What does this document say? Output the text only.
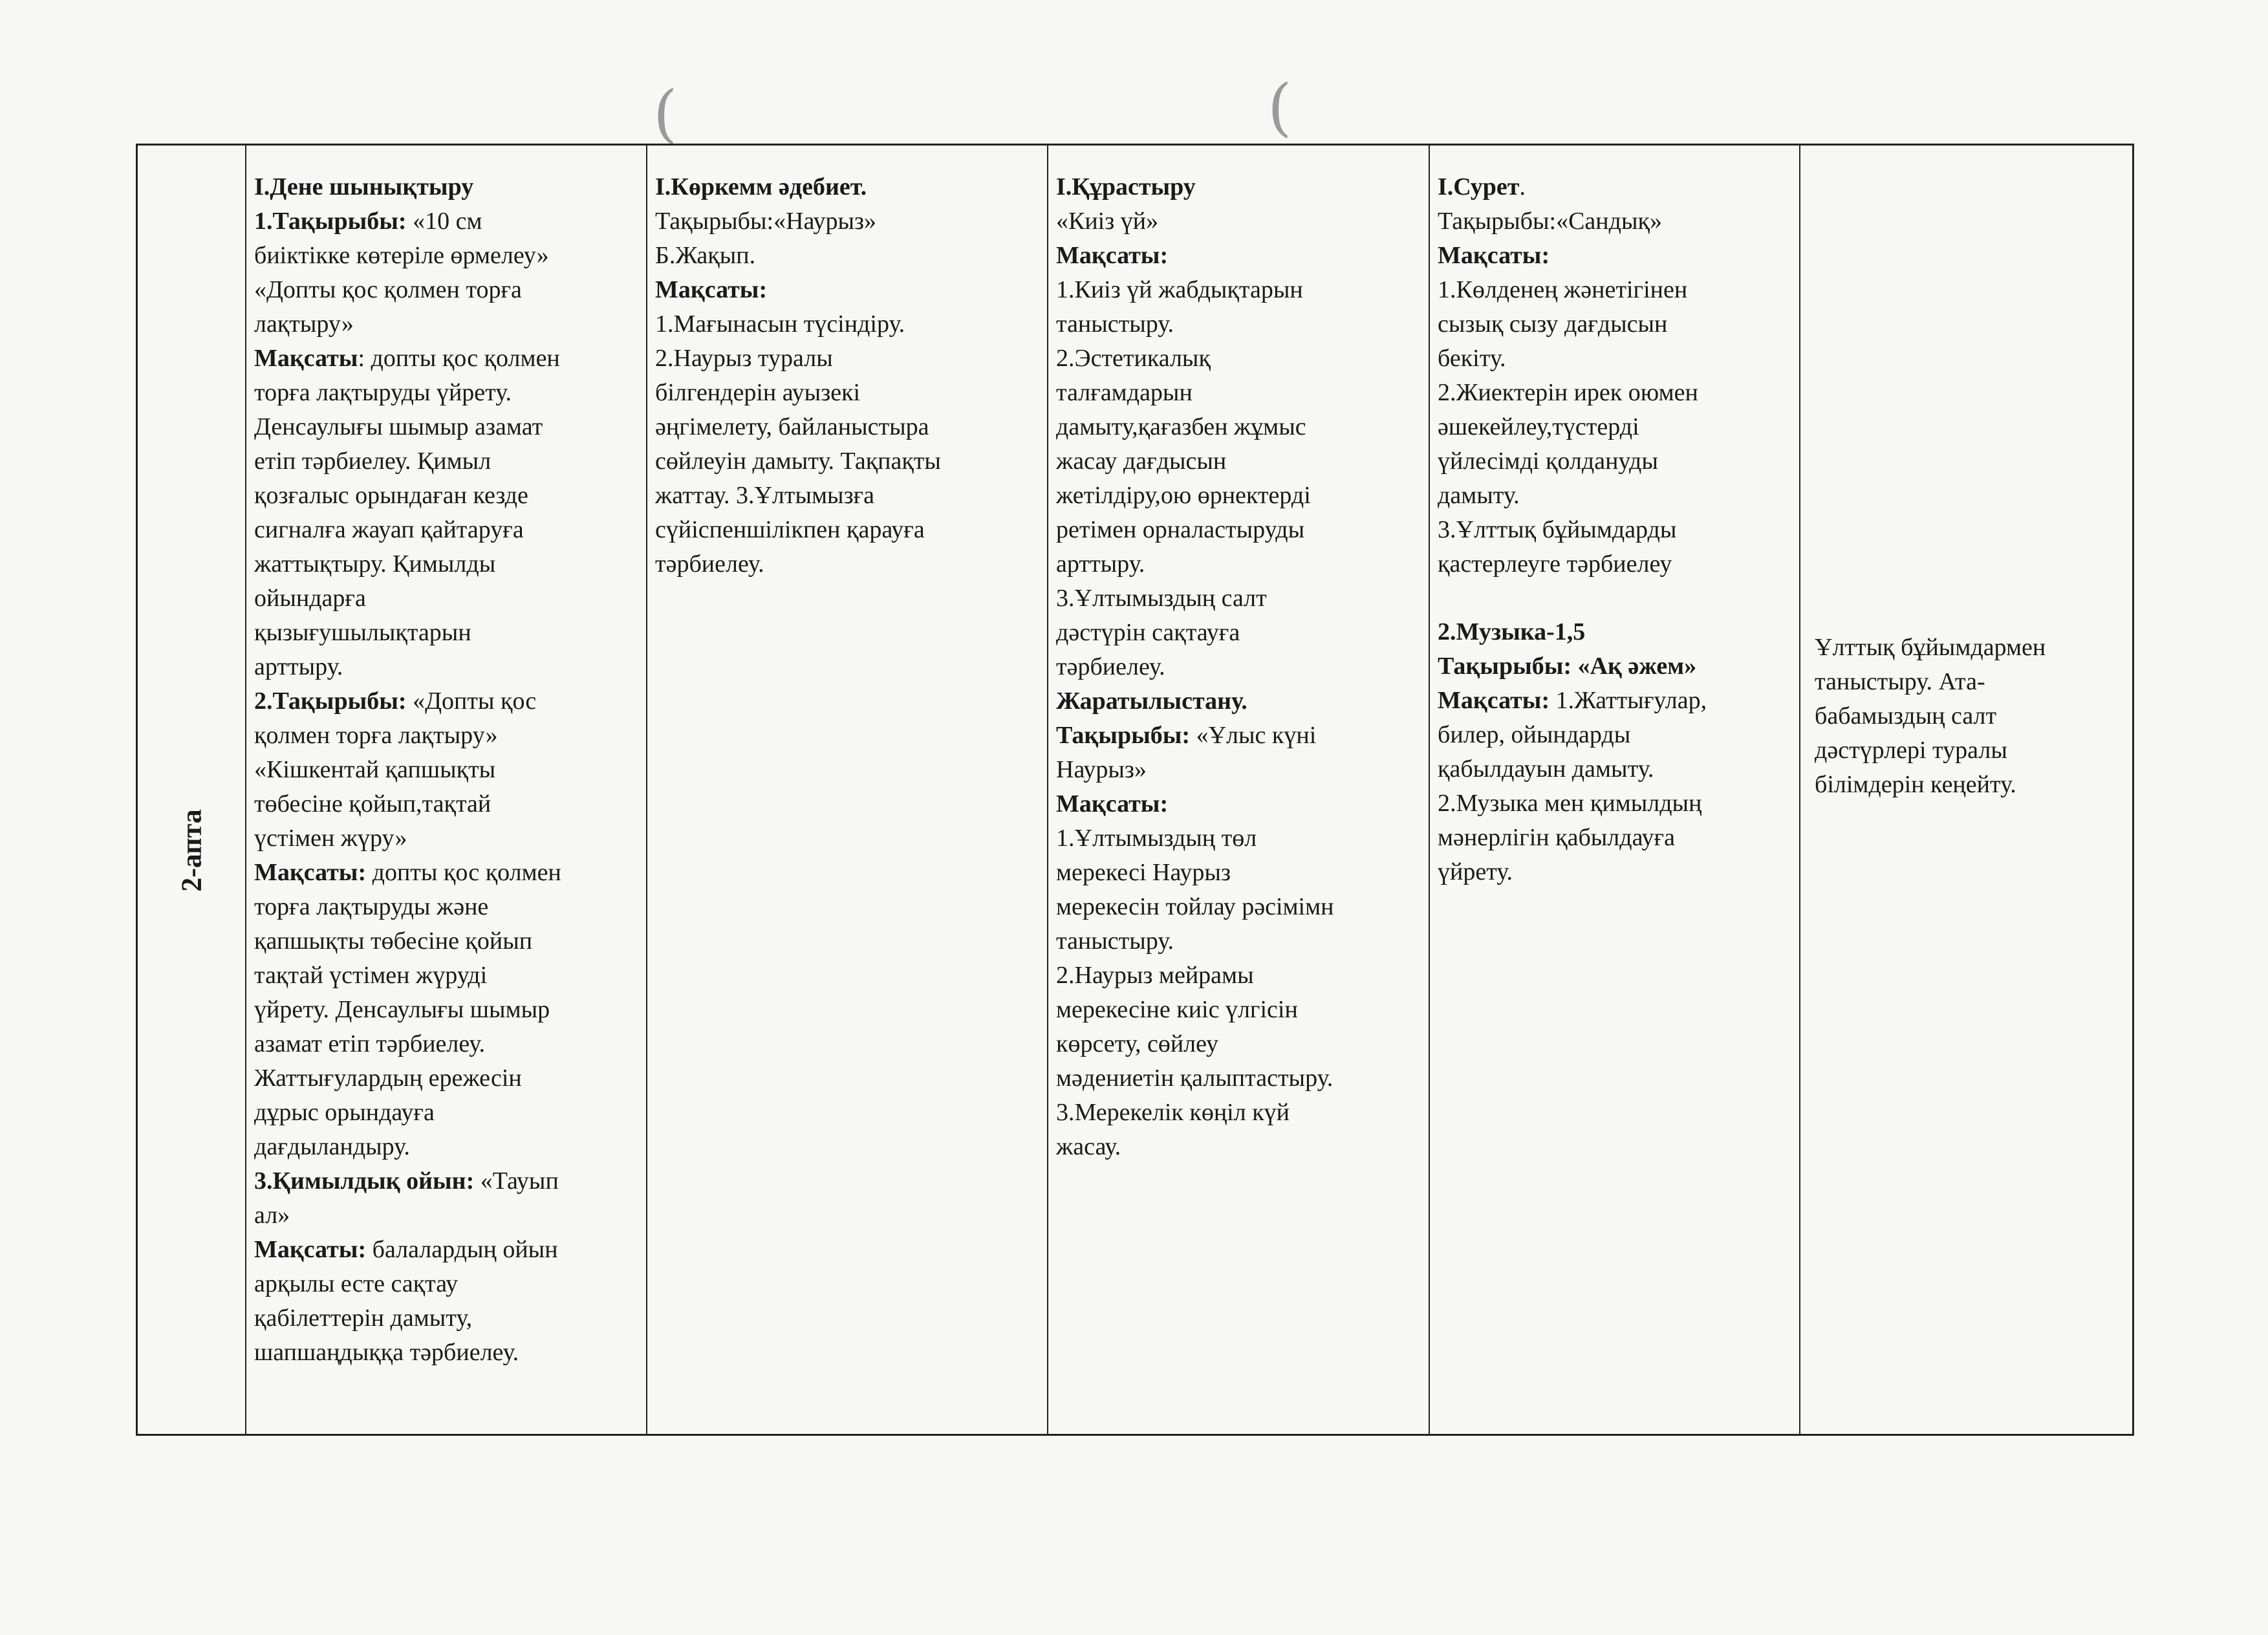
(	(
2-апта
І.Дене шынықтыру
1.Тақырыбы: «10 см
биіктікке көтеріле өрмелеу»
«Допты қос қолмен торға
лақтыру»
Мақсаты: допты қос қолмен
торға лақтыруды үйрету.
Денсаулығы шымыр азамат
етіп тәрбиелеу. Қимыл
қозғалыс орындаған кезде
сигналға жауап қайтаруға
жаттықтыру. Қимылды
ойындарға
қызығушылықтарын
арттыру.
2.Тақырыбы: «Допты қос
қолмен торға лақтыру»
«Кішкентай қапшықты
төбесіне қойып,тақтай
үстімен жүру»
Мақсаты: допты қос қолмен
торға лақтыруды және
қапшықты төбесіне қойып
тақтай үстімен жүруді
үйрету. Денсаулығы шымыр
азамат етіп тәрбиелеу.
Жаттығулардың ережесін
дұрыс орындауға
дағдыландыру.
3.Қимылдық ойын: «Тауып
ал»
Мақсаты: балалардың ойын
арқылы есте сақтау
қабілеттерін дамыту,
шапшаңдыққа тәрбиелеу.
І.Көркемм әдебиет.
Тақырыбы:«Наурыз»
Б.Жақып.
Мақсаты:
1.Мағынасын түсіндіру.
2.Наурыз туралы
білгендерін ауызекі
әңгімелету, байланыстыра
сөйлеуін дамыту. Тақпақты
жаттау. 3.Ұлтымызға
сүйіспеншілікпен қарауға
тәрбиелеу.
І.Құрастыру
«Киіз үй»
Мақсаты:
1.Киіз үй жабдықтарын
таныстыру.
2.Эстетикалық
талғамдарын
дамыту,қағазбен жұмыс
жасау дағдысын
жетілдіру,ою өрнектерді
ретімен орналастыруды
арттыру.
3.Ұлтымыздың салт
дәстүрін сақтауға
тәрбиелеу.
Жаратылыстану.
Тақырыбы: «Ұлыс күні
Наурыз»
Мақсаты:
1.Ұлтымыздың төл
мерекесі Наурыз
мерекесін тойлау рәсімімн
таныстыру.
2.Наурыз мейрамы
мерекесіне киіс үлгісін
көрсету, сөйлеу
мәдениетін қалыптастыру.
3.Мерекелік көңіл күй
жасау.
І.Сурет.
Тақырыбы:«Сандық»
Мақсаты:
1.Көлденең жәнетігінен
сызық сызу дағдысын
бекіту.
2.Жиектерін ирек оюмен
әшекейлеу,түстерді
үйлесімді қолдануды
дамыту.
3.Ұлттық бұйымдарды
қастерлеуге тәрбиелеу
2.Музыка-1,5
Тақырыбы: «Ақ әжем»
Мақсаты: 1.Жаттығулар,
билер, ойындарды
қабылдауын дамыту.
2.Музыка мен қимылдың
мәнерлігін қабылдауға
үйрету.
Ұлттық бұйымдармен
таныстыру. Ата-
бабамыздың салт
дәстүрлері туралы
білімдерін кеңейту.
